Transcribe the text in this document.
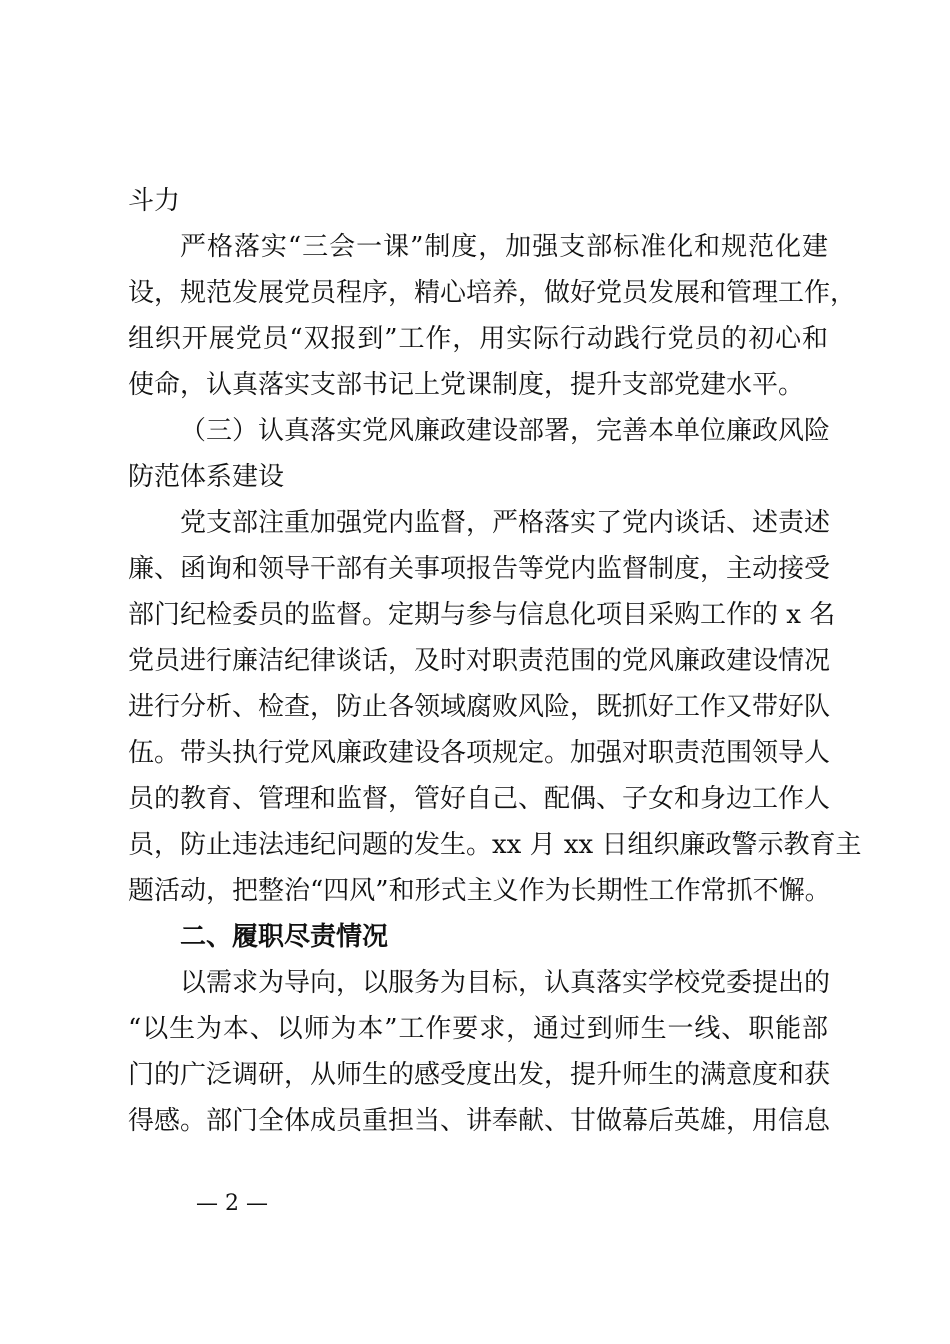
斗力
严格落实“三会一课”制度，加强支部标准化和规范化建
设，规范发展党员程序，精心培养，做好党员发展和管理工作，
组织开展党员“双报到”工作，用实际行动践行党员的初心和
使命，认真落实支部书记上党课制度，提升支部党建水平。
（三）认真落实党风廉政建设部署，完善本单位廉政风险
防范体系建设
党支部注重加强党内监督，严格落实了党内谈话、述责述
廉、函询和领导干部有关事项报告等党内监督制度，主动接受
部门纪检委员的监督。定期与参与信息化项目采购工作的 x 名
党员进行廉洁纪律谈话，及时对职责范围的党风廉政建设情况
进行分析、检查，防止各领域腐败风险，既抓好工作又带好队
伍。带头执行党风廉政建设各项规定。加强对职责范围领导人
员的教育、管理和监督，管好自己、配偶、子女和身边工作人
员，防止违法违纪问题的发生。xx 月 xx 日组织廉政警示教育主
题活动，把整治“四风”和形式主义作为长期性工作常抓不懈。
二、履职尽责情况
以需求为导向，以服务为目标，认真落实学校党委提出的
“以生为本、以师为本”工作要求，通过到师生一线、职能部
门的广泛调研，从师生的感受度出发，提升师生的满意度和获
得感。部门全体成员重担当、讲奉献、甘做幕后英雄，用信息
— 2 —
